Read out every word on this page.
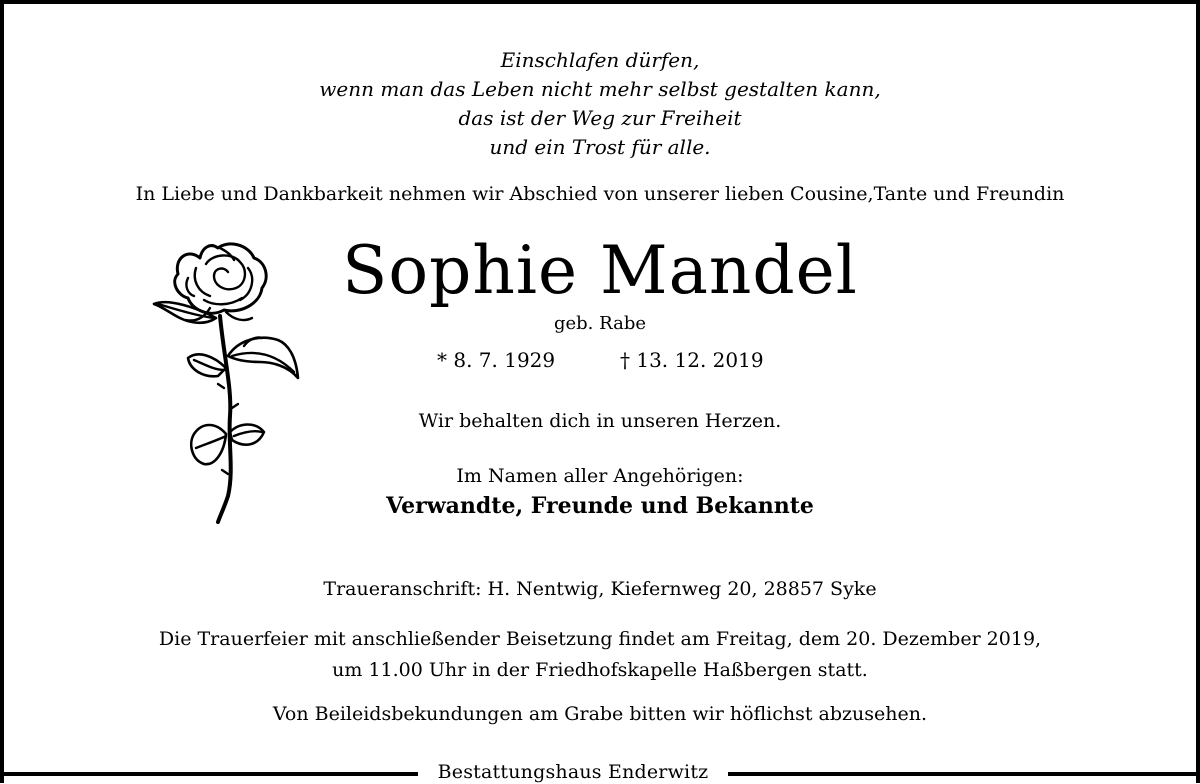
Einschlafen dürfen,
wenn man das Leben nicht mehr selbst gestalten kann,
das ist der Weg zur Freiheit
und ein Trost für alle.
In Liebe und Dankbarkeit nehmen wir Abschied von unserer lieben Cousine,Tante und Freundin
Sophie Mandel
geb. Rabe
* 8. 7. 1929	† 13. 12. 2019
Wir behalten dich in unseren Herzen.
Im Namen aller Angehörigen:
Verwandte, Freunde und Bekannte
Traueranschrift: H. Nentwig, Kiefernweg 20, 28857 Syke
Die Trauerfeier mit anschließender Beisetzung findet am Freitag, dem 20. Dezember 2019,
um 11.00 Uhr in der Friedhofskapelle Haßbergen statt.
Von Beileidsbekundungen am Grabe bitten wir höflichst abzusehen.
Bestattungshaus Enderwitz
